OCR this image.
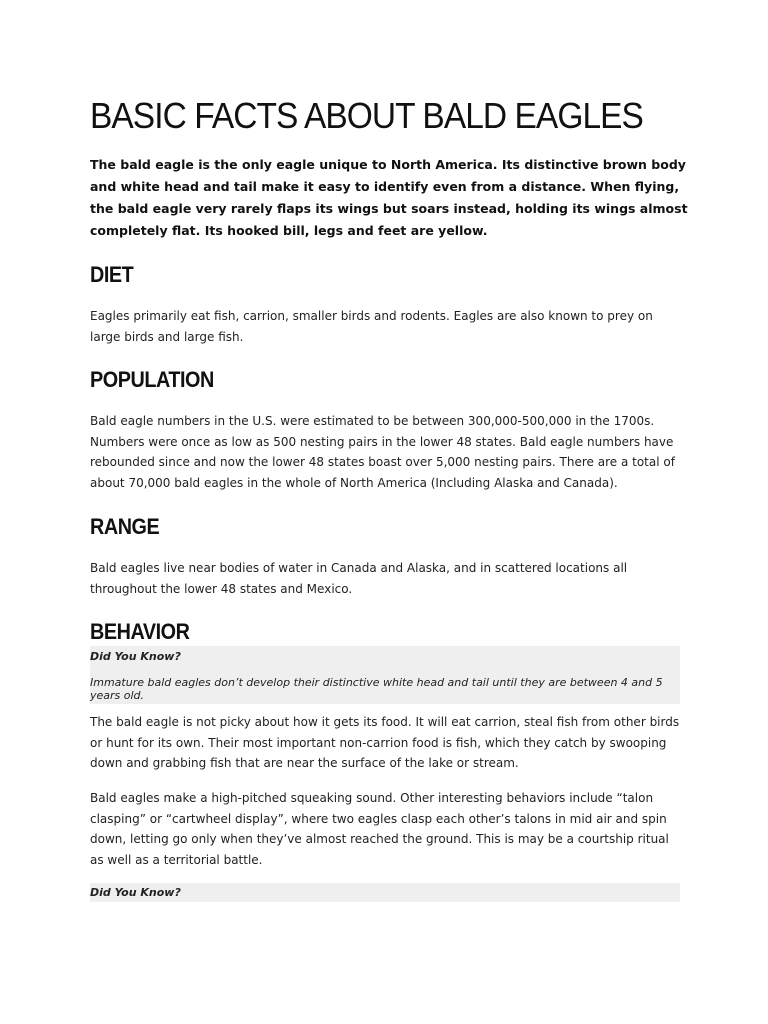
BASIC FACTS ABOUT BALD EAGLES

The bald eagle is the only eagle unique to North America. Its distinctive brown body and white head and tail make it easy to identify even from a distance. When flying, the bald eagle very rarely flaps its wings but soars instead, holding its wings almost completely flat. Its hooked bill, legs and feet are yellow.

DIET

Eagles primarily eat fish, carrion, smaller birds and rodents. Eagles are also known to prey on large birds and large fish.

POPULATION

Bald eagle numbers in the U.S. were estimated to be between 300,000-500,000 in the 1700s. Numbers were once as low as 500 nesting pairs in the lower 48 states. Bald eagle numbers have rebounded since and now the lower 48 states boast over 5,000 nesting pairs. There are a total of about 70,000 bald eagles in the whole of North America (Including Alaska and Canada).

RANGE

Bald eagles live near bodies of water in Canada and Alaska, and in scattered locations all throughout the lower 48 states and Mexico.

BEHAVIOR
Did You Know?
Immature bald eagles don’t develop their distinctive white head and tail until they are between 4 and 5 years old.

The bald eagle is not picky about how it gets its food. It will eat carrion, steal fish from other birds or hunt for its own. Their most important non-carrion food is fish, which they catch by swooping down and grabbing fish that are near the surface of the lake or stream.

Bald eagles make a high-pitched squeaking sound. Other interesting behaviors include “talon clasping” or “cartwheel display”, where two eagles clasp each other’s talons in mid air and spin down, letting go only when they’ve almost reached the ground. This is may be a courtship ritual as well as a territorial battle.

Did You Know?
